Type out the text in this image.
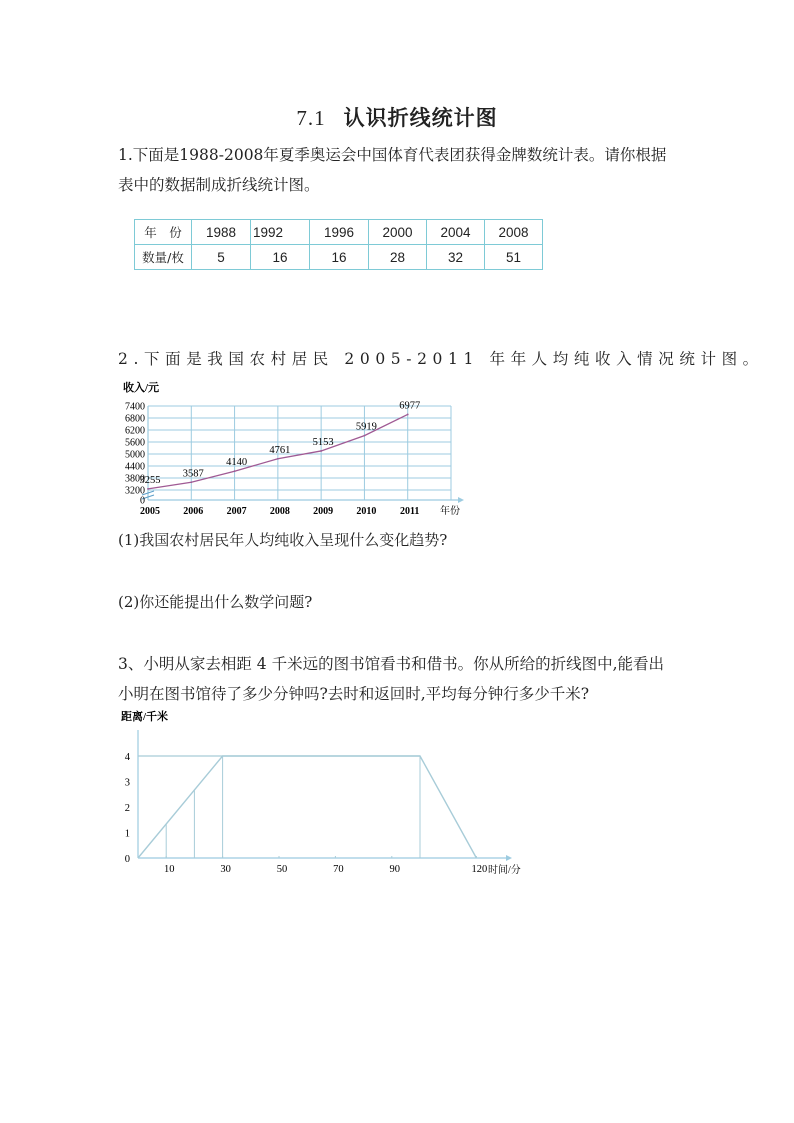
7.1 认识折线统计图
1.下面是1988-2008年夏季奥运会中国体育代表团获得金牌数统计表。请你根据
表中的数据制成折线统计图。
年　份	1988	1992	1996	2000	2004	2008
数量/枚	5	16	16	28	32	51
2.下面是我国农村居民 2005-2011 年年人均纯收入情况统计图。
3255
3587
4140
4761
5153
5919
6977
0
3200
3800
4400
5000
5600
6200
6800
7400
2005 2006 2007 2008 2009 2010 2011
收入/元
年份
(1)我国农村居民年人均纯收入呈现什么变化趋势?
(2)你还能提出什么数学问题?
3、小明从家去相距 4 千米远的图书馆看书和借书。你从所给的折线图中,能看出
小明在图书馆待了多少分钟吗?去时和返回时,平均每分钟行多少千米?
0
1
2
3
4
10	30	50	70	90	120
距离/千米
时间/分
